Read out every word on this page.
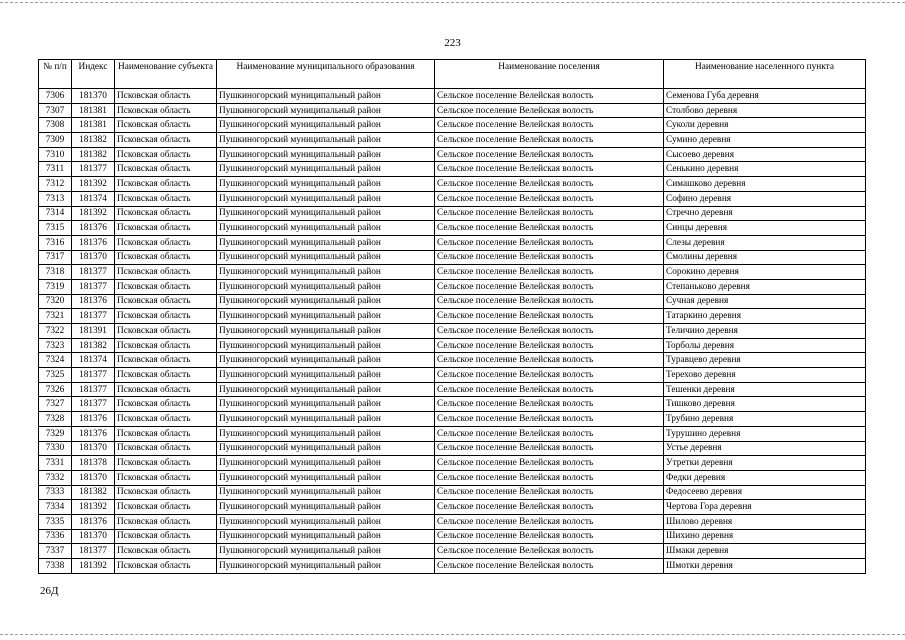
223
№ п/п	Индекс	Наименование субъекта	Наименование муниципального образования	Наименование поселения	Наименование населенного пункта
7306	181370	Псковская область	Пушкиногорский муниципальный район	Сельское поселение Велейская волость	Семенова Губа деревня
7307	181381	Псковская область	Пушкиногорский муниципальный район	Сельское поселение Велейская волость	Столбово деревня
7308	181381	Псковская область	Пушкиногорский муниципальный район	Сельское поселение Велейская волость	Суколи деревня
7309	181382	Псковская область	Пушкиногорский муниципальный район	Сельское поселение Велейская волость	Сумино деревня
7310	181382	Псковская область	Пушкиногорский муниципальный район	Сельское поселение Велейская волость	Сысоево деревня
7311	181377	Псковская область	Пушкиногорский муниципальный район	Сельское поселение Велейская волость	Сенькино деревня
7312	181392	Псковская область	Пушкиногорский муниципальный район	Сельское поселение Велейская волость	Симашково деревня
7313	181374	Псковская область	Пушкиногорский муниципальный район	Сельское поселение Велейская волость	Софино деревня
7314	181392	Псковская область	Пушкиногорский муниципальный район	Сельское поселение Велейская волость	Стречно деревня
7315	181376	Псковская область	Пушкиногорский муниципальный район	Сельское поселение Велейская волость	Синцы деревня
7316	181376	Псковская область	Пушкиногорский муниципальный район	Сельское поселение Велейская волость	Слезы деревня
7317	181370	Псковская область	Пушкиногорский муниципальный район	Сельское поселение Велейская волость	Смолины деревня
7318	181377	Псковская область	Пушкиногорский муниципальный район	Сельское поселение Велейская волость	Сорокино деревня
7319	181377	Псковская область	Пушкиногорский муниципальный район	Сельское поселение Велейская волость	Степаньково деревня
7320	181376	Псковская область	Пушкиногорский муниципальный район	Сельское поселение Велейская волость	Сучная деревня
7321	181377	Псковская область	Пушкиногорский муниципальный район	Сельское поселение Велейская волость	Татаркино деревня
7322	181391	Псковская область	Пушкиногорский муниципальный район	Сельское поселение Велейская волость	Теличино деревня
7323	181382	Псковская область	Пушкиногорский муниципальный район	Сельское поселение Велейская волость	Торболы деревня
7324	181374	Псковская область	Пушкиногорский муниципальный район	Сельское поселение Велейская волость	Туравцево деревня
7325	181377	Псковская область	Пушкиногорский муниципальный район	Сельское поселение Велейская волость	Терехово деревня
7326	181377	Псковская область	Пушкиногорский муниципальный район	Сельское поселение Велейская волость	Тешенки деревня
7327	181377	Псковская область	Пушкиногорский муниципальный район	Сельское поселение Велейская волость	Тишково деревня
7328	181376	Псковская область	Пушкиногорский муниципальный район	Сельское поселение Велейская волость	Трубино деревня
7329	181376	Псковская область	Пушкиногорский муниципальный район	Сельское поселение Велейская волость	Турушино деревня
7330	181370	Псковская область	Пушкиногорский муниципальный район	Сельское поселение Велейская волость	Устье деревня
7331	181378	Псковская область	Пушкиногорский муниципальный район	Сельское поселение Велейская волость	Утретки деревня
7332	181370	Псковская область	Пушкиногорский муниципальный район	Сельское поселение Велейская волость	Федки деревня
7333	181382	Псковская область	Пушкиногорский муниципальный район	Сельское поселение Велейская волость	Федосеево деревня
7334	181392	Псковская область	Пушкиногорский муниципальный район	Сельское поселение Велейская волость	Чертова Гора деревня
7335	181376	Псковская область	Пушкиногорский муниципальный район	Сельское поселение Велейская волость	Шилово деревня
7336	181370	Псковская область	Пушкиногорский муниципальный район	Сельское поселение Велейская волость	Шихино деревня
7337	181377	Псковская область	Пушкиногорский муниципальный район	Сельское поселение Велейская волость	Шмаки деревня
7338	181392	Псковская область	Пушкиногорский муниципальный район	Сельское поселение Велейская волость	Шмотки деревня
26Д
